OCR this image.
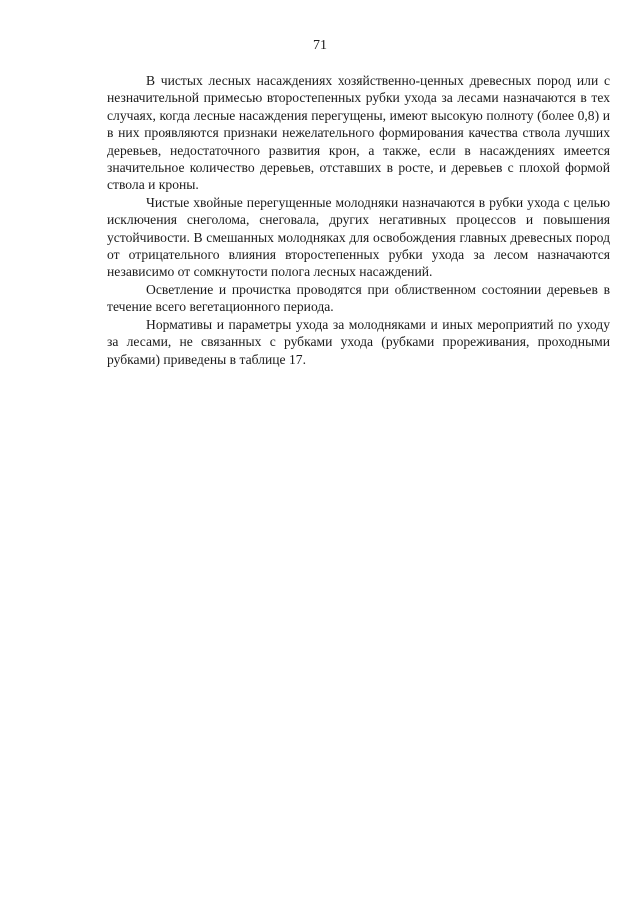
71

В чистых лесных насаждениях хозяйственно-ценных древесных пород или с незначительной примесью второстепенных рубки ухода за лесами назначаются в тех случаях, когда лесные насаждения перегущены, имеют высокую полноту (более 0,8) и в них проявляются признаки нежелательного формирования качества ствола лучших деревьев, недостаточного развития крон, а также, если в насаждениях имеется значительное количество деревьев, отставших в росте, и деревьев с плохой формой ствола и кроны.

Чистые хвойные перегущенные молодняки назначаются в рубки ухода с целью исключения снеголома, снеговала, других негативных процессов и повышения устойчивости. В смешанных молодняках для освобождения главных древесных пород от отрицательного влияния второстепенных рубки ухода за лесом назначаются независимо от сомкнутости полога лесных насаждений.

Осветление и прочистка проводятся при облиственном состоянии деревьев в течение всего вегетационного периода.

Нормативы и параметры ухода за молодняками и иных мероприятий по уходу за лесами, не связанных с рубками ухода (рубками прореживания, проходными рубками) приведены в таблице 17.
